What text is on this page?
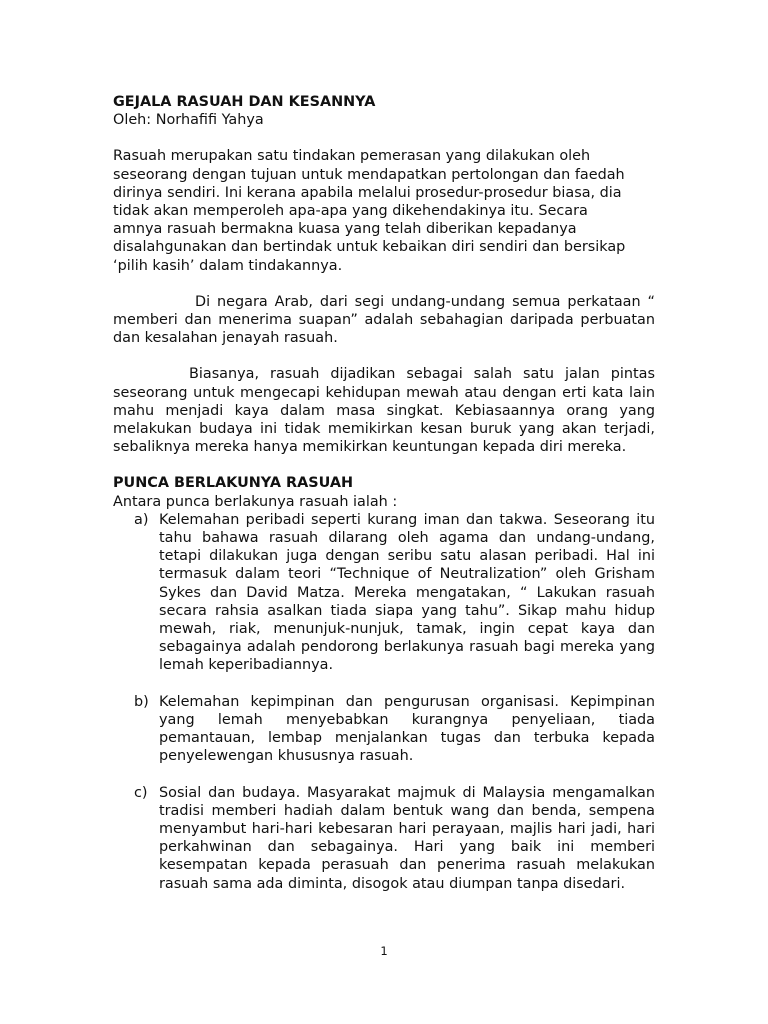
GEJALA RASUAH DAN KESANNYA

Oleh: Norhafifi Yahya

Rasuah merupakan satu tindakan pemerasan yang dilakukan oleh
seseorang dengan tujuan untuk mendapatkan pertolongan dan faedah
dirinya sendiri. Ini kerana apabila melalui prosedur-prosedur biasa, dia
tidak akan memperoleh apa-apa yang dikehendakinya itu. Secara
amnya rasuah bermakna kuasa yang telah diberikan kepadanya
disalahgunakan dan bertindak untuk kebaikan diri sendiri dan bersikap
‘pilih kasih’ dalam tindakannya.

Di negara Arab, dari segi undang-undang semua perkataan “ memberi dan menerima suapan” adalah sebahagian daripada perbuatan dan kesalahan jenayah rasuah.

Biasanya, rasuah dijadikan sebagai salah satu jalan pintas seseorang untuk mengecapi kehidupan mewah atau dengan erti kata lain mahu menjadi kaya dalam masa singkat. Kebiasaannya orang yang melakukan budaya ini tidak memikirkan kesan buruk yang akan terjadi, sebaliknya mereka hanya memikirkan keuntungan kepada diri mereka.

PUNCA BERLAKUNYA RASUAH

Antara punca berlakunya rasuah ialah :

a) Kelemahan peribadi seperti kurang iman dan takwa. Seseorang itu tahu bahawa rasuah dilarang oleh agama dan undang-undang, tetapi dilakukan juga dengan seribu satu alasan peribadi. Hal ini termasuk dalam teori “Technique of Neutralization” oleh Grisham Sykes dan David Matza. Mereka mengatakan, “ Lakukan rasuah secara rahsia asalkan tiada siapa yang tahu”. Sikap mahu hidup mewah, riak, menunjuk-nunjuk, tamak, ingin cepat kaya dan sebagainya adalah pendorong berlakunya rasuah bagi mereka yang lemah keperibadiannya.
b) Kelemahan kepimpinan dan pengurusan organisasi. Kepimpinan yang lemah menyebabkan kurangnya penyeliaan, tiada pemantauan, lembap menjalankan tugas dan terbuka kepada penyelewengan khususnya rasuah.
c) Sosial dan budaya. Masyarakat majmuk di Malaysia mengamalkan tradisi memberi hadiah dalam bentuk wang dan benda, sempena menyambut hari-hari kebesaran hari perayaan, majlis hari jadi, hari perkahwinan dan sebagainya. Hari yang baik ini memberi kesempatan kepada perasuah dan penerima rasuah melakukan rasuah sama ada diminta, disogok atau diumpan tanpa disedari.
1
